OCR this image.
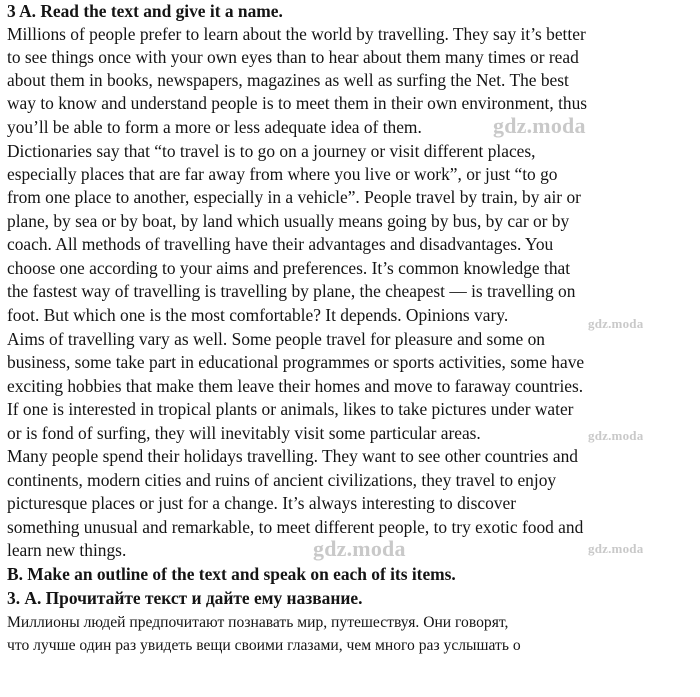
3 A. Read the text and give it a name.
Millions of people prefer to learn about the world by travelling. They say it’s better
to see things once with your own eyes than to hear about them many times or read
about them in books, newspapers, magazines as well as surfing the Net. The best
way to know and understand people is to meet them in their own environment, thus
you’ll be able to form a more or less adequate idea of them.
Dictionaries say that “to travel is to go on a journey or visit different places,
especially places that are far away from where you live or work”, or just “to go
from one place to another, especially in a vehicle”. People travel by train, by air or
plane, by sea or by boat, by land which usually means going by bus, by car or by
coach. All methods of travelling have their advantages and disadvantages. You
choose one according to your aims and preferences. It’s common knowledge that
the fastest way of travelling is travelling by plane, the cheapest — is travelling on
foot. But which one is the most comfortable? It depends. Opinions vary.
Aims of travelling vary as well. Some people travel for pleasure and some on
business, some take part in educational programmes or sports activities, some have
exciting hobbies that make them leave their homes and move to faraway countries.
If one is interested in tropical plants or animals, likes to take pictures under water
or is fond of surfing, they will inevitably visit some particular areas.
Many people spend their holidays travelling. They want to see other countries and
continents, modern cities and ruins of ancient civilizations, they travel to enjoy
picturesque places or just for a change. It’s always interesting to discover
something unusual and remarkable, to meet different people, to try exotic food and
learn new things.
B. Make an outline of the text and speak on each of its items.
3. А. Прочитайте текст и дайте ему название.
Миллионы людей предпочитают познавать мир, путешествуя. Они говорят,
что лучше один раз увидеть вещи своими глазами, чем много раз услышать о
gdz.moda
gdz.moda
gdz.moda
gdz.moda	gdz.moda
